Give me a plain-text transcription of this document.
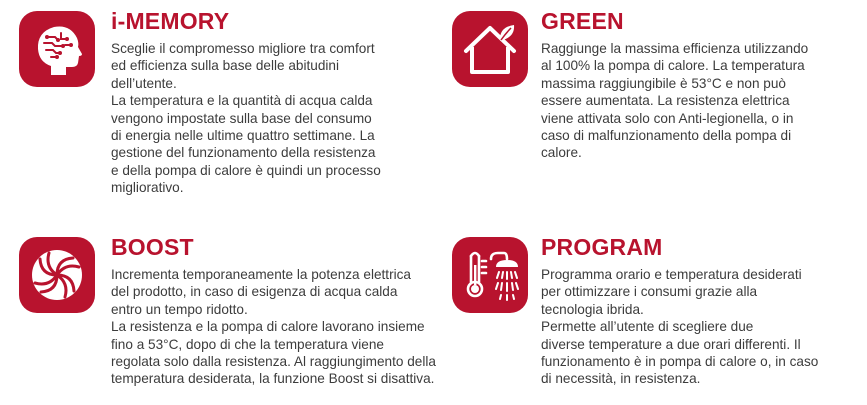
i-MEMORY

Sceglie il compromesso migliore tra comfort

ed efficienza sulla base delle abitudini

dell’utente.

La temperatura e la quantità di acqua calda

vengono impostate sulla base del consumo

di energia nelle ultime quattro settimane. La

gestione del funzionamento della resistenza

e della pompa di calore è quindi un processo

migliorativo.

GREEN

Raggiunge la massima efficienza utilizzando

al 100% la pompa di calore. La temperatura

massima raggiungibile è 53°C e non può

essere aumentata. La resistenza elettrica

viene attivata solo con Anti-legionella, o in

caso di malfunzionamento della pompa di

calore.

BOOST

Incrementa temporaneamente la potenza elettrica

del prodotto, in caso di esigenza di acqua calda

entro un tempo ridotto.

La resistenza e la pompa di calore lavorano insieme

fino a 53°C, dopo di che la temperatura viene

regolata solo dalla resistenza. Al raggiungimento della

temperatura desiderata, la funzione Boost si disattiva.

PROGRAM

Programma orario e temperatura desiderati

per ottimizzare i consumi grazie alla

tecnologia ibrida.

Permette all’utente di scegliere due

diverse temperature a due orari differenti. Il

funzionamento è in pompa di calore o, in caso

di necessità, in resistenza.
